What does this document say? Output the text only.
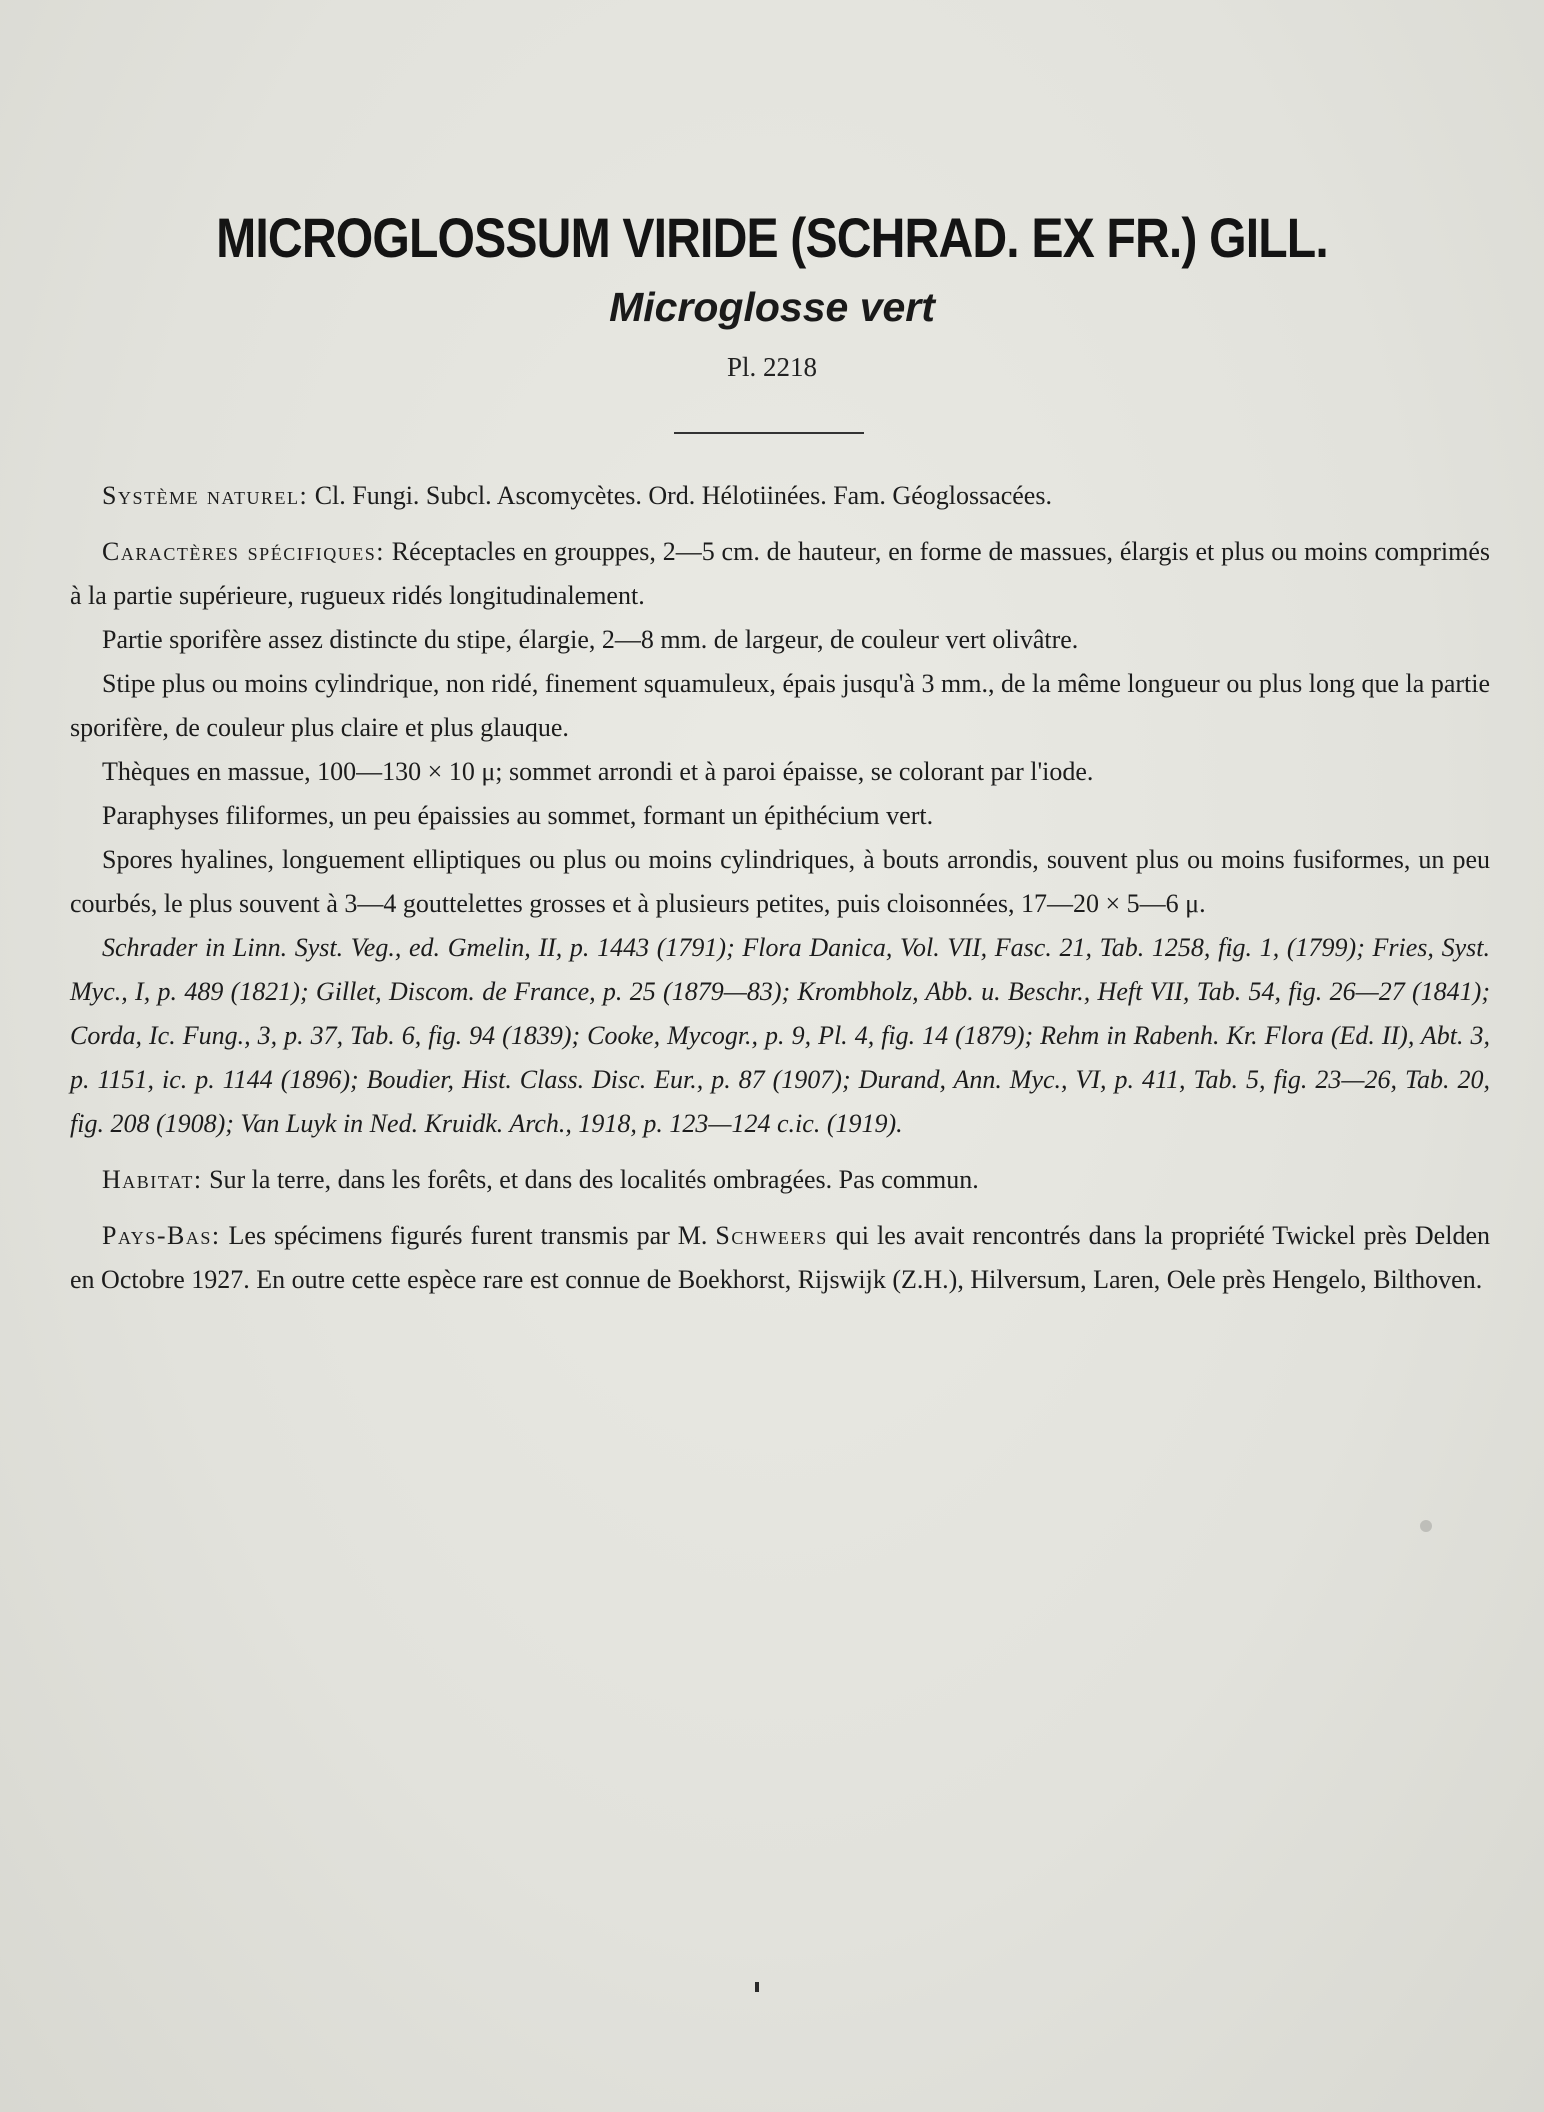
MICROGLOSSUM VIRIDE (SCHRAD. EX FR.) GILL.
Microglosse vert
Pl. 2218

Système naturel: Cl. Fungi. Subcl. Ascomycètes. Ord. Hélotiinées. Fam. Géoglossacées.

Caractères spécifiques: Réceptacles en grouppes, 2—5 cm. de hauteur, en forme de massues, élargis et plus ou moins comprimés à la partie supérieure, rugueux ridés longitudinalement.

Partie sporifère assez distincte du stipe, élargie, 2—8 mm. de largeur, de couleur vert olivâtre.

Stipe plus ou moins cylindrique, non ridé, finement squamuleux, épais jusqu'à 3 mm., de la même longueur ou plus long que la partie sporifère, de couleur plus claire et plus glauque.

Thèques en massue, 100—130 × 10 μ; sommet arrondi et à paroi épaisse, se colorant par l'iode.

Paraphyses filiformes, un peu épaissies au sommet, formant un épithécium vert.

Spores hyalines, longuement elliptiques ou plus ou moins cylindriques, à bouts arrondis, souvent plus ou moins fusiformes, un peu courbés, le plus souvent à 3—4 gouttelettes grosses et à plusieurs petites, puis cloisonnées, 17—20 × 5—6 μ.

Schrader in Linn. Syst. Veg., ed. Gmelin, II, p. 1443 (1791); Flora Danica, Vol. VII, Fasc. 21, Tab. 1258, fig. 1, (1799); Fries, Syst. Myc., I, p. 489 (1821); Gillet, Discom. de France, p. 25 (1879—83); Krombholz, Abb. u. Beschr., Heft VII, Tab. 54, fig. 26—27 (1841); Corda, Ic. Fung., 3, p. 37, Tab. 6, fig. 94 (1839); Cooke, Mycogr., p. 9, Pl. 4, fig. 14 (1879); Rehm in Rabenh. Kr. Flora (Ed. II), Abt. 3, p. 1151, ic. p. 1144 (1896); Boudier, Hist. Class. Disc. Eur., p. 87 (1907); Durand, Ann. Myc., VI, p. 411, Tab. 5, fig. 23—26, Tab. 20, fig. 208 (1908); Van Luyk in Ned. Kruidk. Arch., 1918, p. 123—124 c.ic. (1919).

Habitat: Sur la terre, dans les forêts, et dans des localités ombragées. Pas commun.

Pays-Bas: Les spécimens figurés furent transmis par M. Schweers qui les avait rencontrés dans la propriété Twickel près Delden en Octobre 1927. En outre cette espèce rare est connue de Boekhorst, Rijswijk (Z.H.), Hilversum, Laren, Oele près Hengelo, Bilthoven.
